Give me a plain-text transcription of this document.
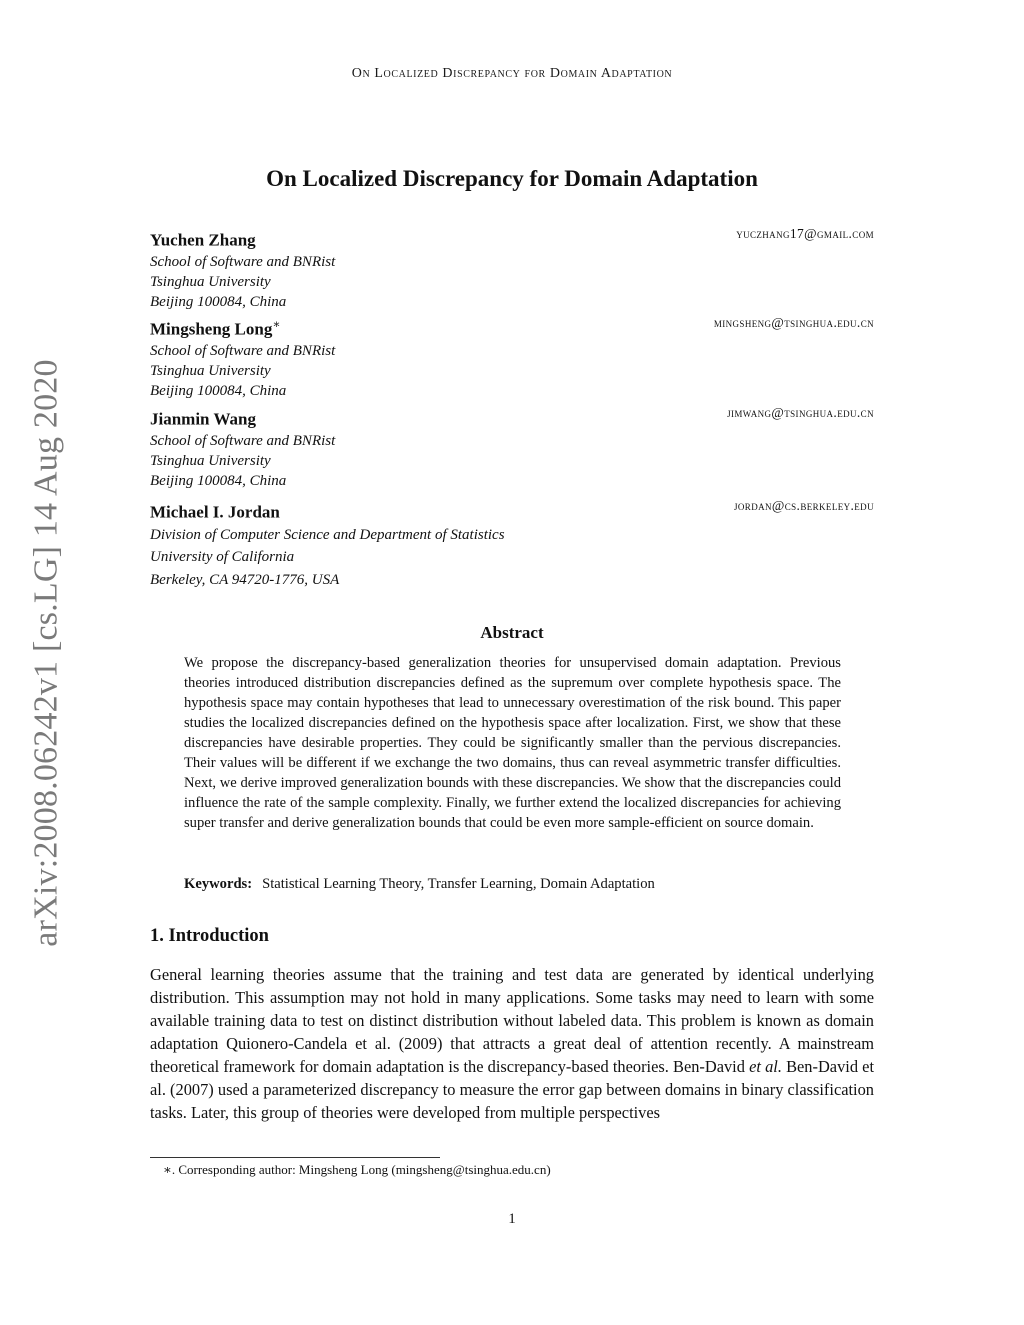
On Localized Discrepancy for Domain Adaptation
arXiv:2008.06242v1 [cs.LG] 14 Aug 2020
On Localized Discrepancy for Domain Adaptation
Yuchen Zhang	yuczhang17@gmail.com
School of Software and BNRist
Tsinghua University
Beijing 100084, China
Mingsheng Long∗	mingsheng@tsinghua.edu.cn
School of Software and BNRist
Tsinghua University
Beijing 100084, China
Jianmin Wang	jimwang@tsinghua.edu.cn
School of Software and BNRist
Tsinghua University
Beijing 100084, China
Michael I. Jordan	jordan@cs.berkeley.edu
Division of Computer Science and Department of Statistics
University of California
Berkeley, CA 94720-1776, USA
Abstract

We propose the discrepancy-based generalization theories for unsupervised domain adaptation. Previous theories introduced distribution discrepancies defined as the supremum over complete hypothesis space. The hypothesis space may contain hypotheses that lead to unnecessary overestimation of the risk bound. This paper studies the localized discrepancies defined on the hypothesis space after localization. First, we show that these discrepancies have desirable properties. They could be significantly smaller than the pervious discrepancies. Their values will be different if we exchange the two domains, thus can reveal asymmetric transfer difficulties. Next, we derive improved generalization bounds with these discrepancies. We show that the discrepancies could influence the rate of the sample complexity. Finally, we further extend the localized discrepancies for achieving super transfer and derive generalization bounds that could be even more sample-efficient on source domain.

Keywords: Statistical Learning Theory, Transfer Learning, Domain Adaptation
1. Introduction

General learning theories assume that the training and test data are generated by identical underlying distribution. This assumption may not hold in many applications. Some tasks may need to learn with some available training data to test on distinct distribution without labeled data. This problem is known as domain adaptation Quionero-Candela et al. (2009) that attracts a great deal of attention recently. A mainstream theoretical framework for domain adaptation is the discrepancy-based theories. Ben-David et al. Ben-David et al. (2007) used a parameterized discrepancy to measure the error gap between domains in binary classification tasks. Later, this group of theories were developed from multiple perspectives

∗. Corresponding author: Mingsheng Long (mingsheng@tsinghua.edu.cn)
1
